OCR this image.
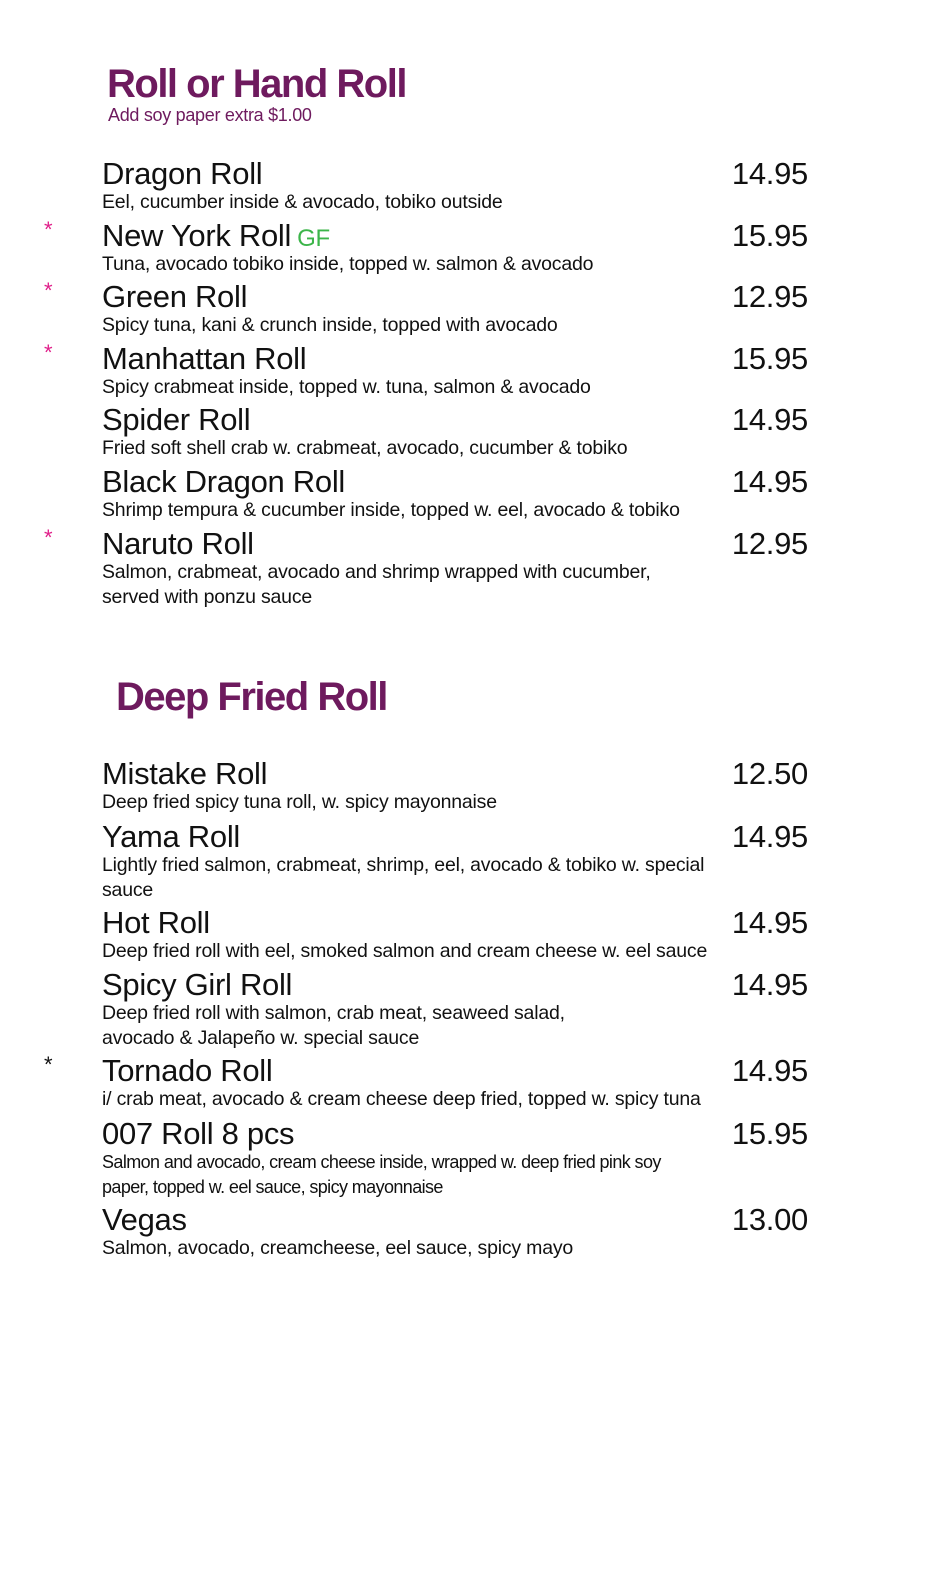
Roll or Hand Roll

Add soy paper extra $1.00

Dragon Roll	14.95
Eel, cucumber inside & avocado, tobiko outside
* New York Roll GF	15.95
Tuna, avocado tobiko inside, topped w. salmon & avocado
* Green Roll	12.95
Spicy tuna, kani & crunch inside, topped with avocado
* Manhattan Roll	15.95
Spicy crabmeat inside, topped w. tuna, salmon & avocado
Spider Roll	14.95
Fried soft shell crab w. crabmeat, avocado, cucumber & tobiko
Black Dragon Roll	14.95
Shrimp tempura & cucumber inside, topped w. eel, avocado & tobiko
* Naruto Roll	12.95
Salmon, crabmeat, avocado and shrimp wrapped with cucumber, served with ponzu sauce
Deep Fried Roll
Mistake Roll	12.50
Deep fried spicy tuna roll, w. spicy mayonnaise
Yama Roll	14.95
Lightly fried salmon, crabmeat, shrimp, eel, avocado & tobiko w. special sauce
Hot Roll	14.95
Deep fried roll with eel, smoked salmon and cream cheese w. eel sauce
Spicy Girl Roll	14.95
Deep fried roll with salmon, crab meat, seaweed salad, avocado & Jalapeño w. special sauce
* Tornado Roll	14.95
i/ crab meat, avocado & cream cheese deep fried, topped w. spicy tuna
007 Roll 8 pcs	15.95
Salmon and avocado, cream cheese inside, wrapped w. deep fried pink soy paper, topped w. eel sauce, spicy mayonnaise
Vegas	13.00
Salmon, avocado, creamcheese, eel sauce, spicy mayo
